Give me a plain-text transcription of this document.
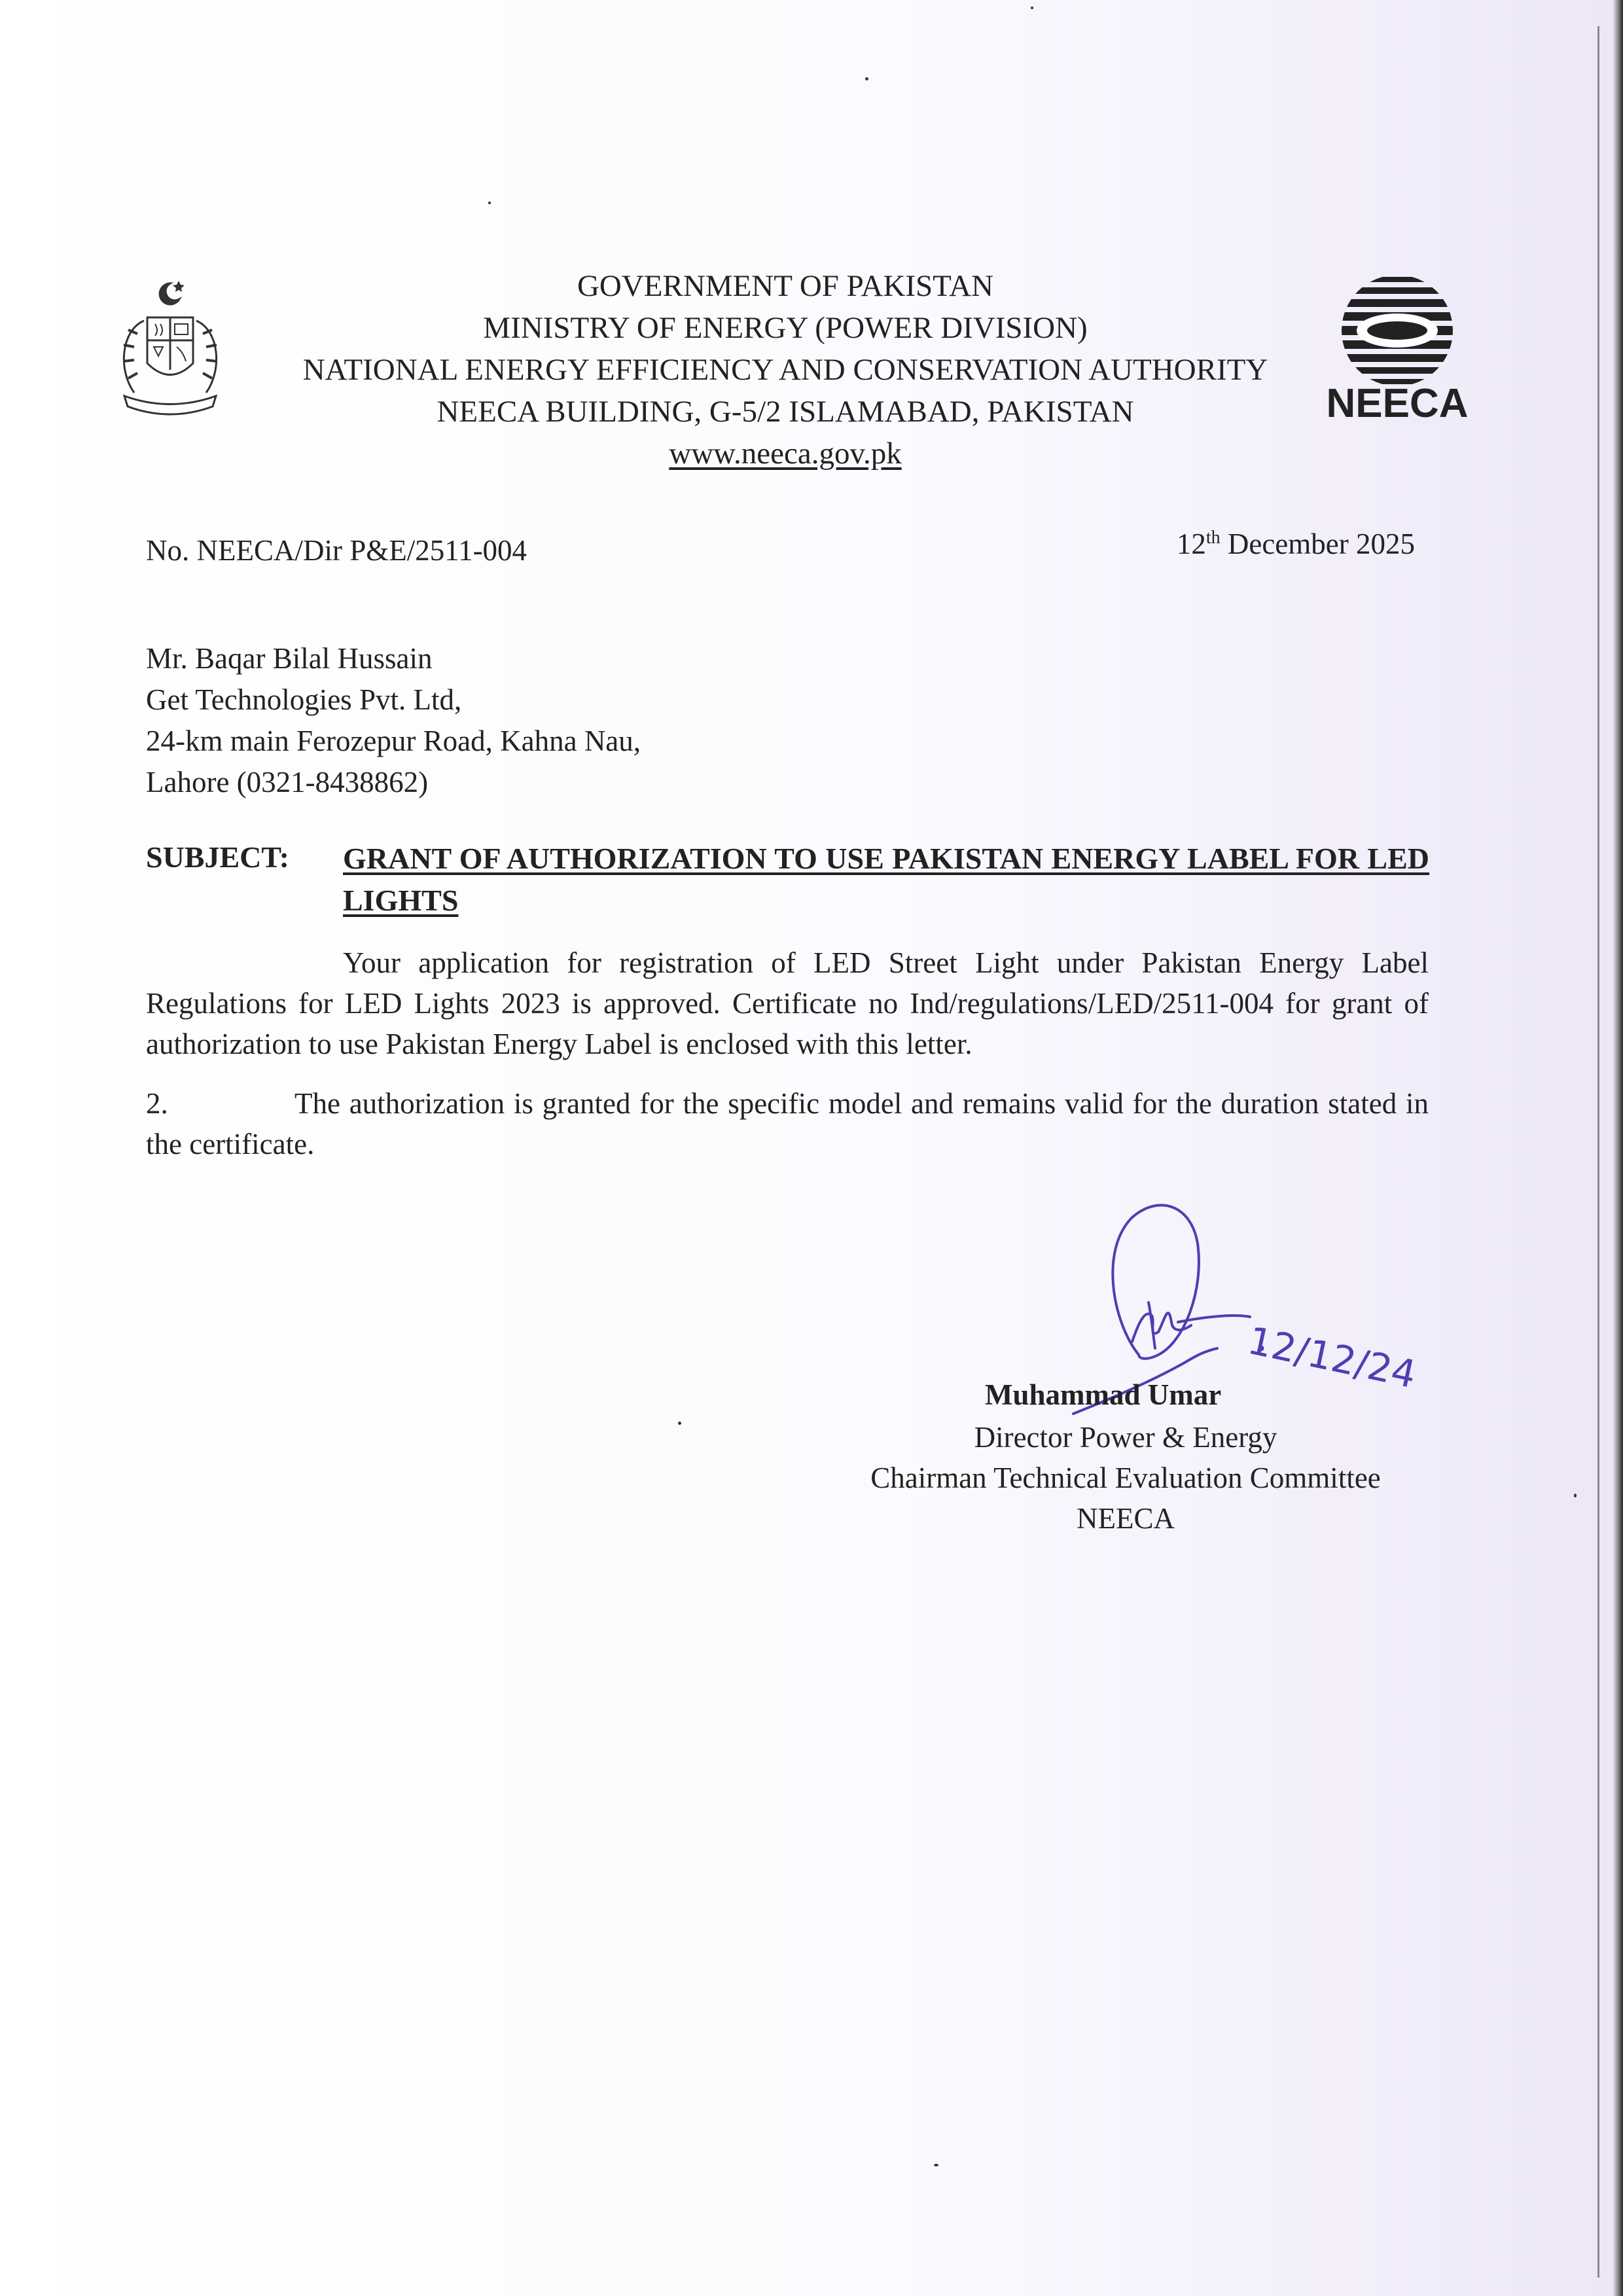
GOVERNMENT OF PAKISTAN
MINISTRY OF ENERGY (POWER DIVISION)
NATIONAL ENERGY EFFICIENCY AND CONSERVATION AUTHORITY
NEECA BUILDING, G-5/2 ISLAMABAD, PAKISTAN
www.neeca.gov.pk
NEECA
No. NEECA/Dir P&E/2511-004	12th December 2025
Mr. Baqar Bilal Hussain
Get Technologies Pvt. Ltd,
24-km main Ferozepur Road, Kahna Nau,
Lahore (0321-8438862)
SUBJECT: GRANT OF AUTHORIZATION TO USE PAKISTAN ENERGY LABEL FOR LED LIGHTS
Your application for registration of LED Street Light under Pakistan Energy Label Regulations for LED Lights 2023 is approved. Certificate no Ind/regulations/LED/2511-004 for grant of authorization to use Pakistan Energy Label is enclosed with this letter.
2.	The authorization is granted for the specific model and remains valid for the duration stated in the certificate.
12/12/24
Muhammad Umar
Director Power & Energy
Chairman Technical Evaluation Committee
NEECA
